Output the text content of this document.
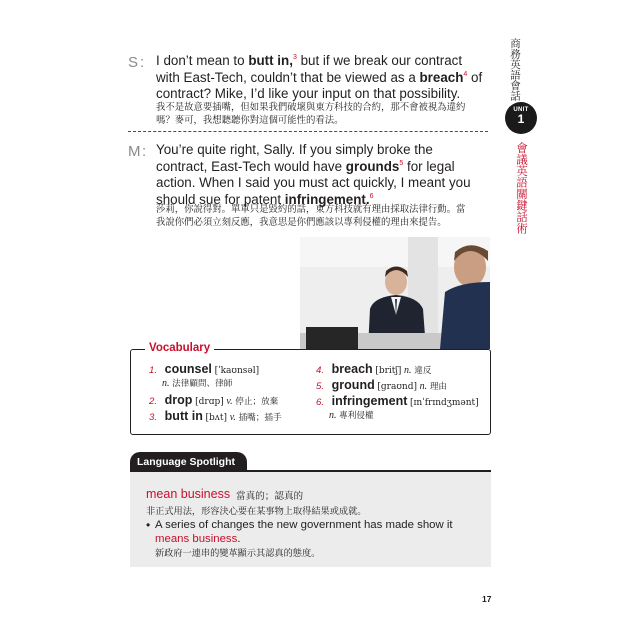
S : I don’t mean to butt in,$^3$ but if we break our contract with East-Tech, couldn’t that be viewed as a breach$^4$ of contract? Mike, I’d like your input on that possibility.
我不是故意要插嘴，但如果我們破壞與東方科技的合約，那不會被視為違約嗎？麥可，我想聽聽你對這個可能性的看法。
M : You’re quite right, Sally. If you simply broke the contract, East-Tech would have grounds$^5$ for legal action. When I said you must act quickly, I meant you should sue for patent infringement.$^6$
莎莉，你說得對。單單只是毀約的話，東方科技就有理由採取法律行動。當我說你們必須立刻反應，我意思是你們應該以專利侵權的理由來提告。
商務英語會話
UNIT
1
會議英語關鍵話術
Vocabulary
1. counsel [ˈkaʊnsəl]
n. 法律顧問、律師
2. drop [drɑp] v. 停止；放棄
3. butt in [bʌt] v. 插嘴；插手
4. breach [britʃ] n. 違反
5. ground [graʊnd] n. 理由
6. infringement [ɪnˈfrɪndʒmənt]
n. 專利侵權
Language Spotlight
mean business 當真的；認真的
非正式用法，形容決心要在某事物上取得結果或成就。
• A series of changes the new government has made show it means business.
新政府一連串的變革顯示其認真的態度。
17
